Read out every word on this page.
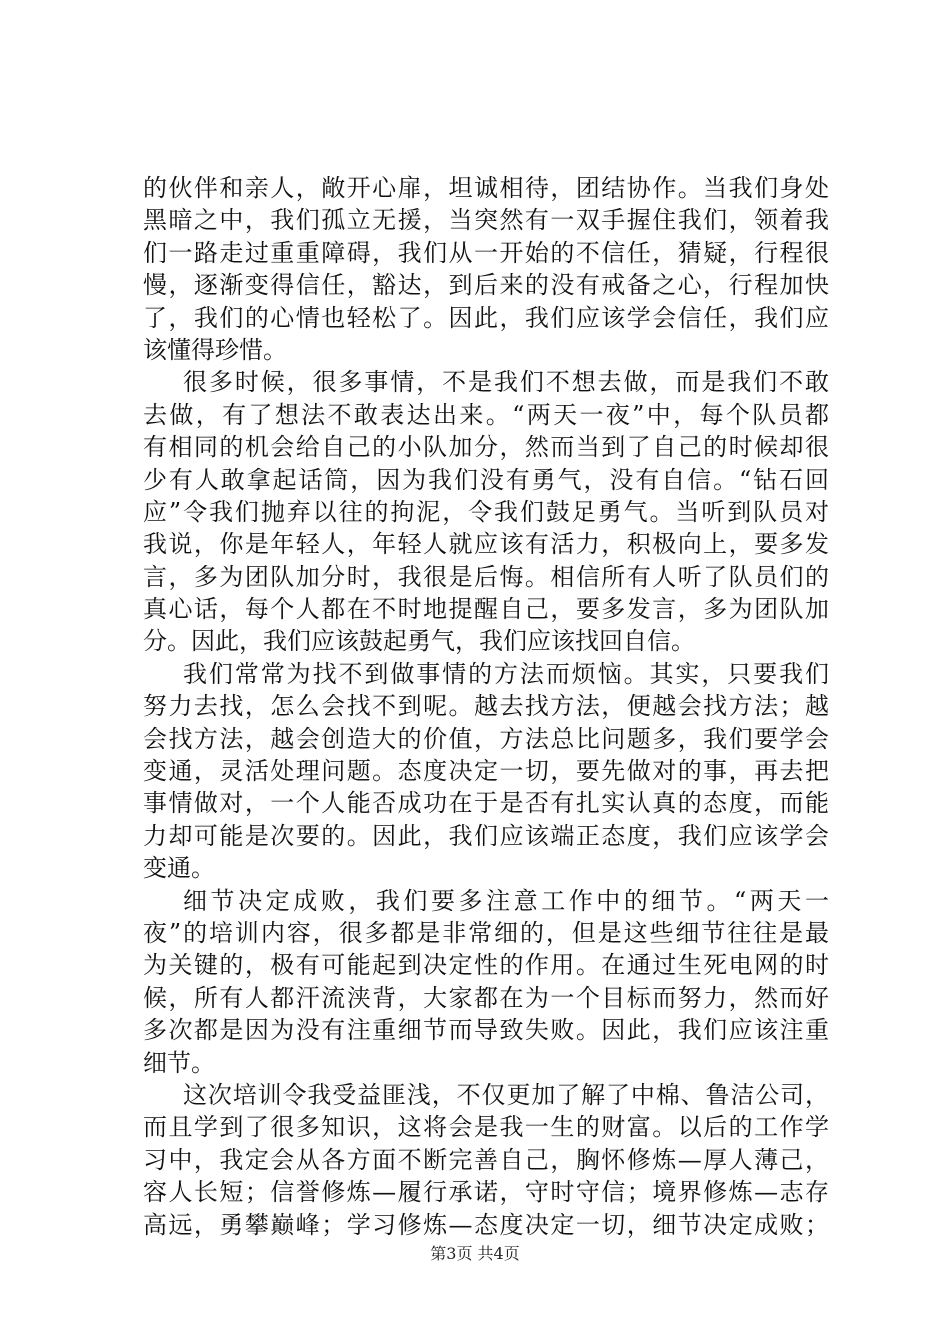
的伙伴和亲人，敞开心扉，坦诚相待，团结协作。当我们身处
黑暗之中，我们孤立无援，当突然有一双手握住我们，领着我
们一路走过重重障碍，我们从一开始的不信任，猜疑，行程很
慢，逐渐变得信任，豁达，到后来的没有戒备之心，行程加快
了，我们的心情也轻松了。因此，我们应该学会信任，我们应
该懂得珍惜。
很多时候，很多事情，不是我们不想去做，而是我们不敢
去做，有了想法不敢表达出来。“两天一夜”中，每个队员都
有相同的机会给自己的小队加分，然而当到了自己的时候却很
少有人敢拿起话筒，因为我们没有勇气，没有自信。“钻石回
应”令我们抛弃以往的拘泥，令我们鼓足勇气。当听到队员对
我说，你是年轻人，年轻人就应该有活力，积极向上，要多发
言，多为团队加分时，我很是后悔。相信所有人听了队员们的
真心话，每个人都在不时地提醒自己，要多发言，多为团队加
分。因此，我们应该鼓起勇气，我们应该找回自信。
我们常常为找不到做事情的方法而烦恼。其实，只要我们
努力去找，怎么会找不到呢。越去找方法，便越会找方法；越
会找方法，越会创造大的价值，方法总比问题多，我们要学会
变通，灵活处理问题。态度决定一切，要先做对的事，再去把
事情做对，一个人能否成功在于是否有扎实认真的态度，而能
力却可能是次要的。因此，我们应该端正态度，我们应该学会
变通。
细节决定成败，我们要多注意工作中的细节。“两天一
夜”的培训内容，很多都是非常细的，但是这些细节往往是最
为关键的，极有可能起到决定性的作用。在通过生死电网的时
候，所有人都汗流浃背，大家都在为一个目标而努力，然而好
多次都是因为没有注重细节而导致失败。因此，我们应该注重
细节。
这次培训令我受益匪浅，不仅更加了解了中棉、鲁洁公司，
而且学到了很多知识，这将会是我一生的财富。以后的工作学
习中，我定会从各方面不断完善自己，胸怀修炼—厚人薄己，
容人长短；信誉修炼—履行承诺，守时守信；境界修炼—志存
高远，勇攀巅峰；学习修炼—态度决定一切，细节决定成败；
第3页 共4页
